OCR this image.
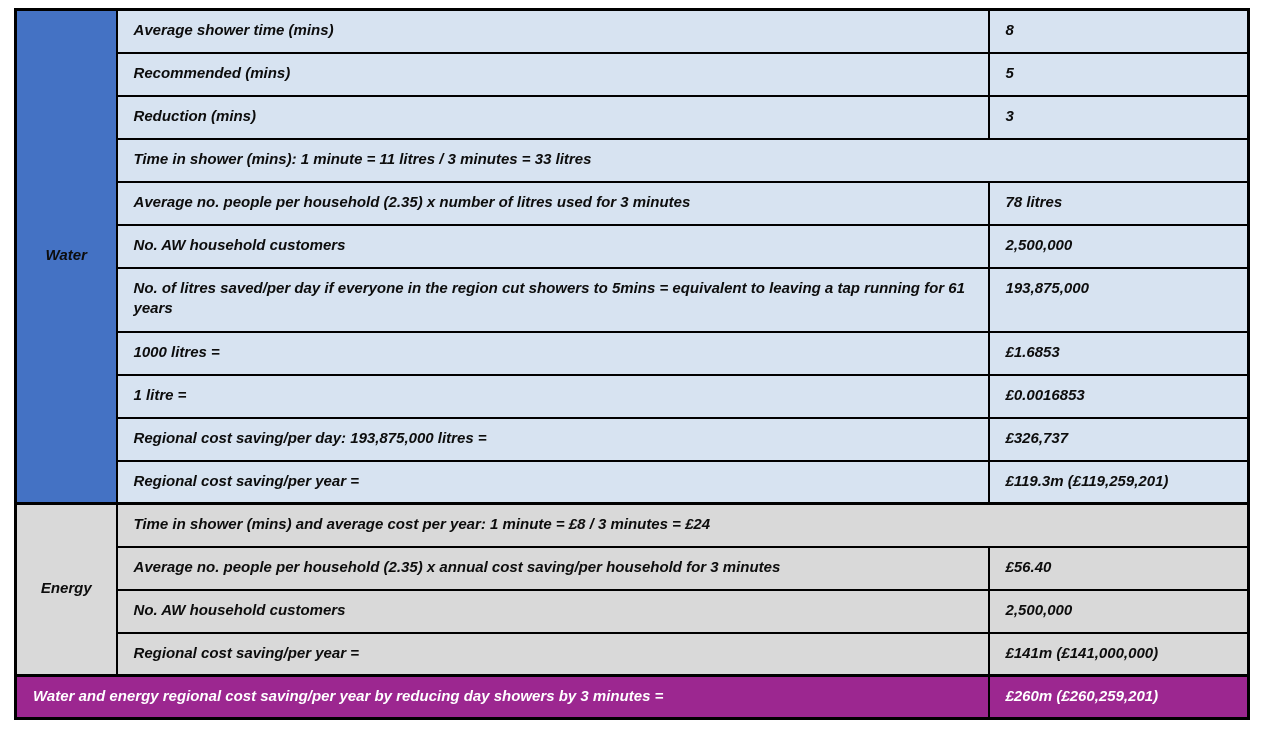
Water	Average shower time (mins)	8
	Recommended (mins)	5
	Reduction (mins)	3
	Time in shower (mins): 1 minute = 11 litres / 3 minutes = 33 litres	
	Average no. people per household (2.35) x number of litres used for 3 minutes	78 litres
	No. AW household customers	2,500,000
	No. of litres saved/per day if everyone in the region cut showers to 5mins = equivalent to leaving a tap running for 61 years	193,875,000
	1000 litres =	£1.6853
	1 litre =	£0.0016853
	Regional cost saving/per day: 193,875,000 litres =	£326,737
	Regional cost saving/per year =	£119.3m (£119,259,201)
Energy	Time in shower (mins) and average cost per year: 1 minute = £8 / 3 minutes = £24	
	Average no. people per household (2.35) x annual cost saving/per household for 3 minutes	£56.40
	No. AW household customers	2,500,000
	Regional cost saving/per year =	£141m (£141,000,000)
Water and energy regional cost saving/per year by reducing day showers by 3 minutes =		£260m (£260,259,201)
